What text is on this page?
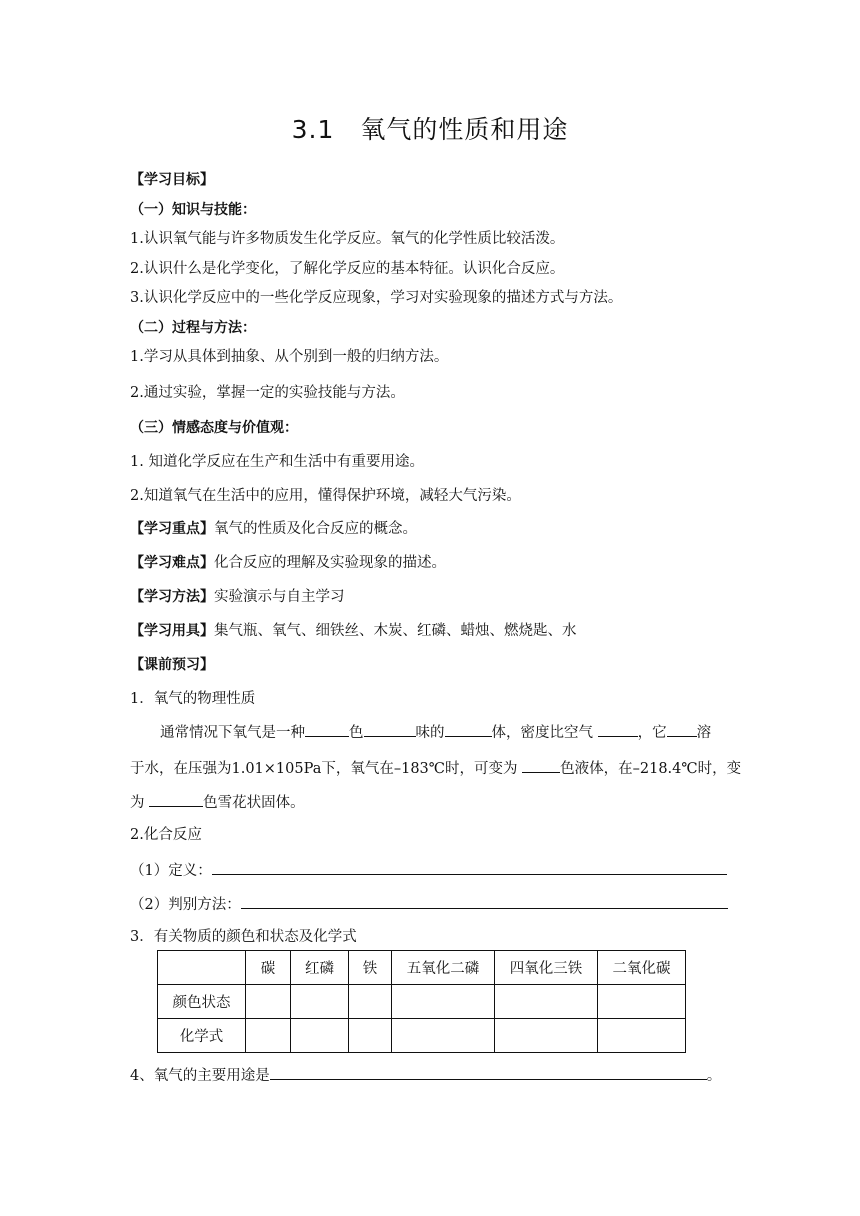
3.1　氧气的性质和用途
【学习目标】
（一）知识与技能：
1.认识氧气能与许多物质发生化学反应。氧气的化学性质比较活泼。
2.认识什么是化学变化，了解化学反应的基本特征。认识化合反应。
3.认识化学反应中的一些化学反应现象，学习对实验现象的描述方式与方法。
（二）过程与方法：
1.学习从具体到抽象、从个别到一般的归纳方法。
2.通过实验，掌握一定的实验技能与方法。
（三）情感态度与价值观：
1. 知道化学反应在生产和生活中有重要用途。
2.知道氧气在生活中的应用，懂得保护环境，减轻大气污染。
【学习重点】氧气的性质及化合反应的概念。
【学习难点】化合反应的理解及实验现象的描述。
【学习方法】实验演示与自主学习
【学习用具】集气瓶、氧气、细铁丝、木炭、红磷、蜡烛、燃烧匙、水
【课前预习】
1．氧气的物理性质
通常情况下氧气是一种	色	味的	体，密度比空气	，它 溶
于水，在压强为1.01×105Pa下，氧气在–183℃时，可变为	色液体，在–218.4℃时，变
为	色雪花状固体。
2.化合反应
（1）定义：
（2）判别方法：
3．有关物质的颜色和状态及化学式
	碳	红磷	铁	五氧化二磷	四氧化三铁	二氧化碳
颜色状态						
化学式						
4、氧气的主要用途是	。
